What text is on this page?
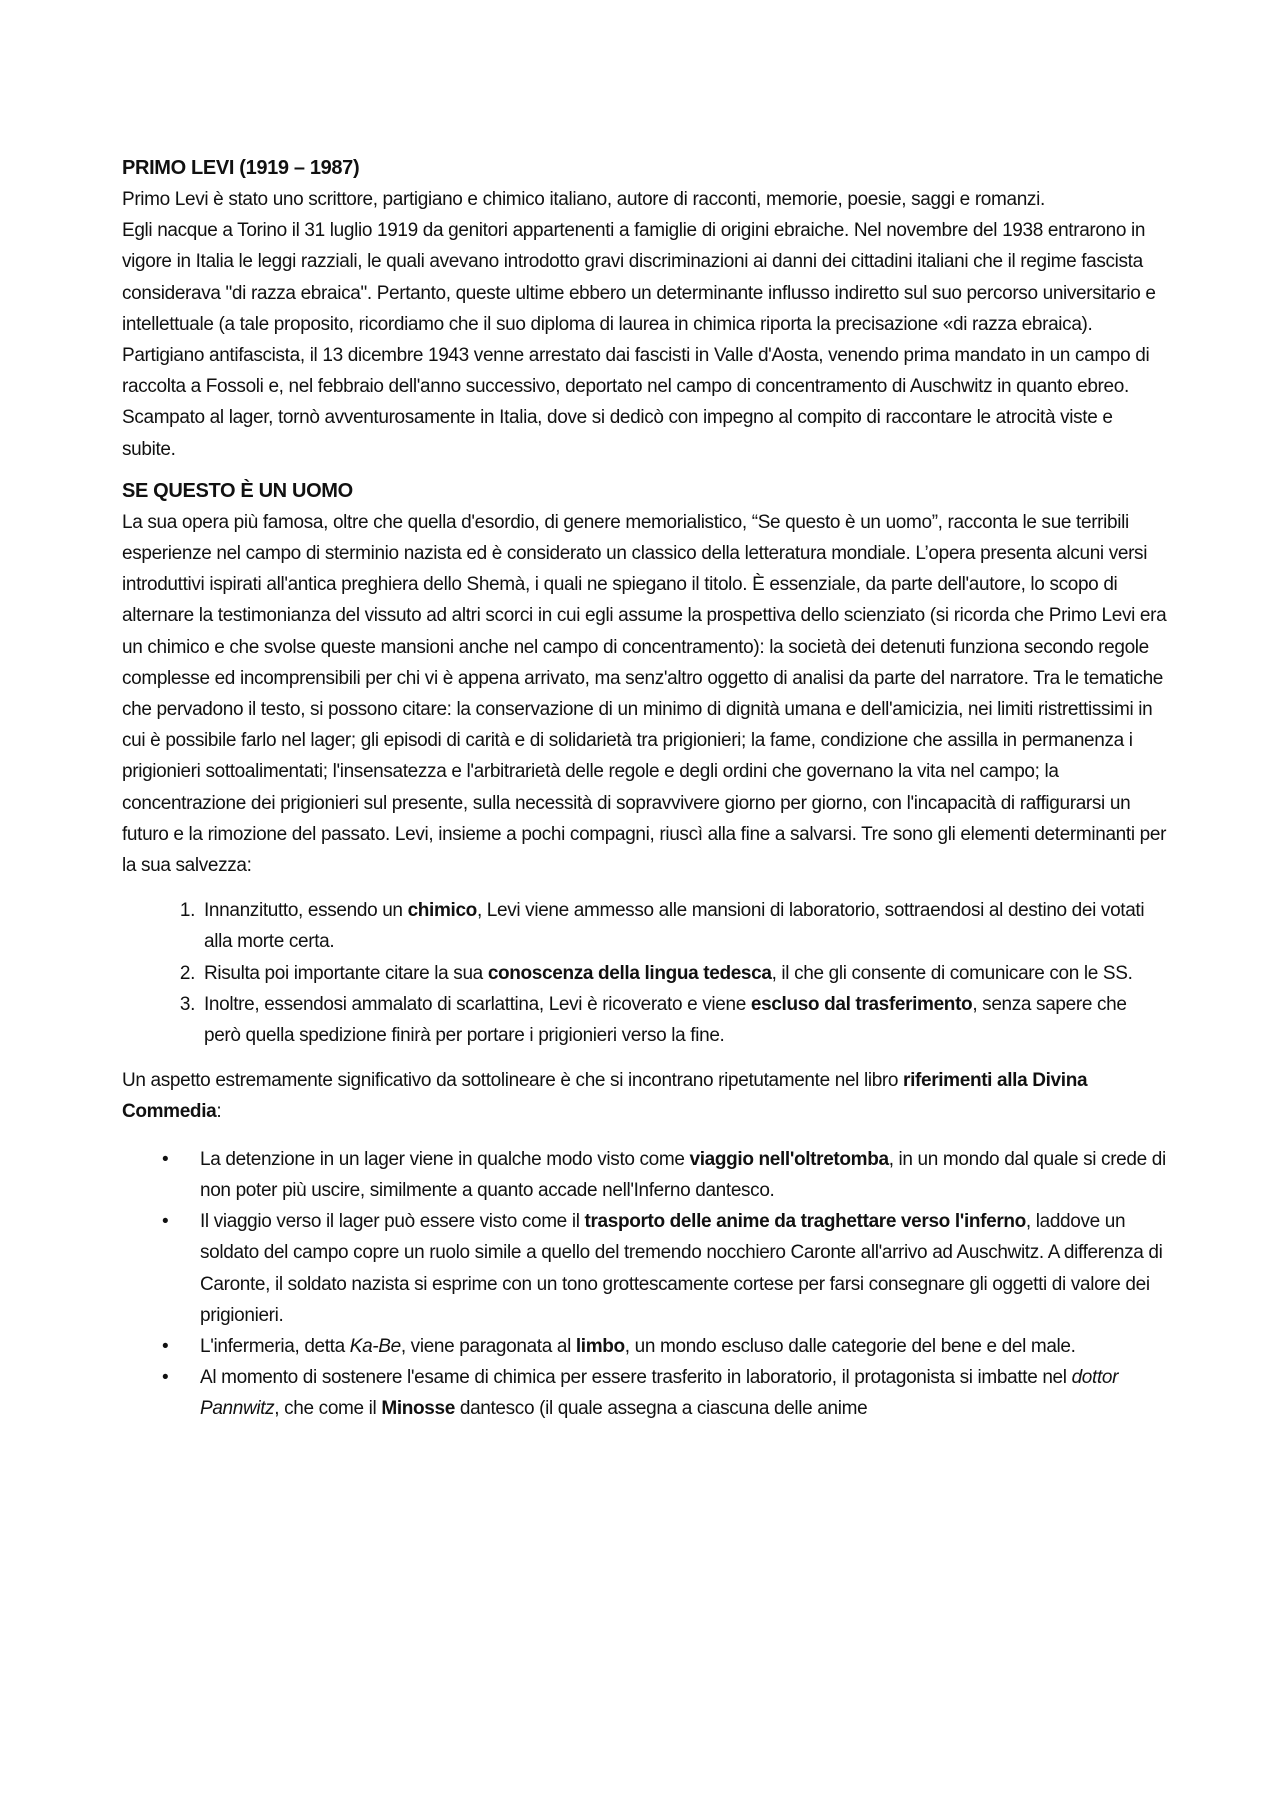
PRIMO LEVI (1919 – 1987)

Primo Levi è stato uno scrittore, partigiano e chimico italiano, autore di racconti, memorie, poesie, saggi e romanzi.

Egli nacque a Torino il 31 luglio 1919 da genitori appartenenti a famiglie di origini ebraiche. Nel novembre del 1938 entrarono in vigore in Italia le leggi razziali, le quali avevano introdotto gravi discriminazioni ai danni dei cittadini italiani che il regime fascista considerava "di razza ebraica". Pertanto, queste ultime ebbero un determinante influsso indiretto sul suo percorso universitario e intellettuale (a tale proposito, ricordiamo che il suo diploma di laurea in chimica riporta la precisazione «di razza ebraica). Partigiano antifascista, il 13 dicembre 1943 venne arrestato dai fascisti in Valle d'Aosta, venendo prima mandato in un campo di raccolta a Fossoli e, nel febbraio dell'anno successivo, deportato nel campo di concentramento di Auschwitz in quanto ebreo. Scampato al lager, tornò avventurosamente in Italia, dove si dedicò con impegno al compito di raccontare le atrocità viste e subite.

SE QUESTO È UN UOMO

La sua opera più famosa, oltre che quella d'esordio, di genere memorialistico, “Se questo è un uomo”, racconta le sue terribili esperienze nel campo di sterminio nazista ed è considerato un classico della letteratura mondiale. L’opera presenta alcuni versi introduttivi ispirati all'antica preghiera dello Shemà, i quali ne spiegano il titolo. È essenziale, da parte dell'autore, lo scopo di alternare la testimonianza del vissuto ad altri scorci in cui egli assume la prospettiva dello scienziato (si ricorda che Primo Levi era un chimico e che svolse queste mansioni anche nel campo di concentramento): la società dei detenuti funziona secondo regole complesse ed incomprensibili per chi vi è appena arrivato, ma senz'altro oggetto di analisi da parte del narratore. Tra le tematiche che pervadono il testo, si possono citare: la conservazione di un minimo di dignità umana e dell'amicizia, nei limiti ristrettissimi in cui è possibile farlo nel lager; gli episodi di carità e di solidarietà tra prigionieri; la fame, condizione che assilla in permanenza i prigionieri sottoalimentati; l'insensatezza e l'arbitrarietà delle regole e degli ordini che governano la vita nel campo; la concentrazione dei prigionieri sul presente, sulla necessità di sopravvivere giorno per giorno, con l'incapacità di raffigurarsi un futuro e la rimozione del passato. Levi, insieme a pochi compagni, riuscì alla fine a salvarsi. Tre sono gli elementi determinanti per la sua salvezza:

1. Innanzitutto, essendo un chimico, Levi viene ammesso alle mansioni di laboratorio, sottraendosi al destino dei votati alla morte certa.
2. Risulta poi importante citare la sua conoscenza della lingua tedesca, il che gli consente di comunicare con le SS.
3. Inoltre, essendosi ammalato di scarlattina, Levi è ricoverato e viene escluso dal trasferimento, senza sapere che però quella spedizione finirà per portare i prigionieri verso la fine.

Un aspetto estremamente significativo da sottolineare è che si incontrano ripetutamente nel libro riferimenti alla Divina Commedia:

• La detenzione in un lager viene in qualche modo visto come viaggio nell'oltretomba, in un mondo dal quale si crede di non poter più uscire, similmente a quanto accade nell'Inferno dantesco.
• Il viaggio verso il lager può essere visto come il trasporto delle anime da traghettare verso l'inferno, laddove un soldato del campo copre un ruolo simile a quello del tremendo nocchiero Caronte all'arrivo ad Auschwitz. A differenza di Caronte, il soldato nazista si esprime con un tono grottescamente cortese per farsi consegnare gli oggetti di valore dei prigionieri.
• L'infermeria, detta Ka-Be, viene paragonata al limbo, un mondo escluso dalle categorie del bene e del male.
• Al momento di sostenere l'esame di chimica per essere trasferito in laboratorio, il protagonista si imbatte nel dottor Pannwitz, che come il Minosse dantesco (il quale assegna a ciascuna delle anime
